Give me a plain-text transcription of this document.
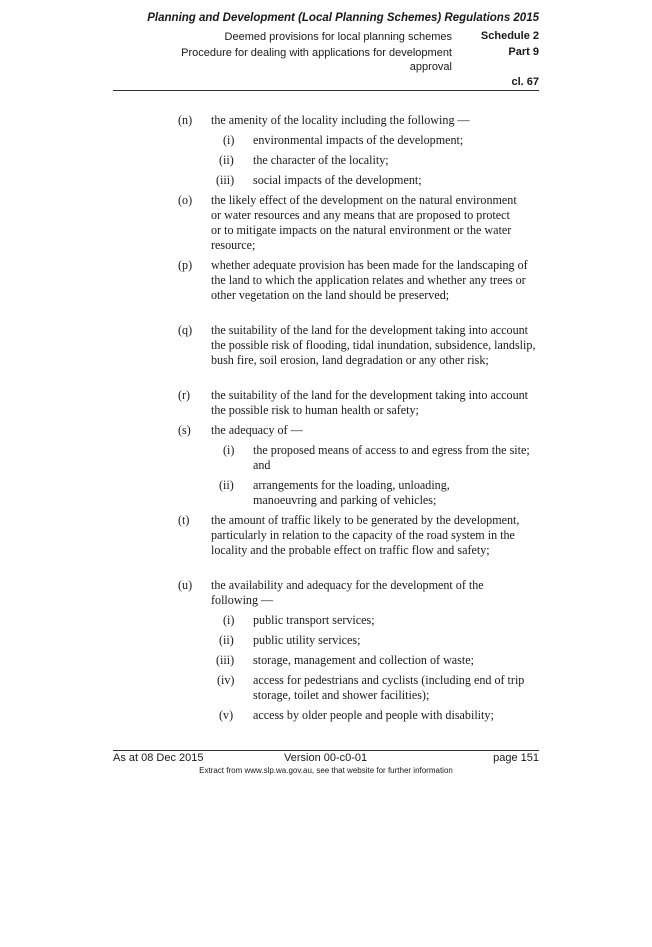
Planning and Development (Local Planning Schemes) Regulations 2015
Deemed provisions for local planning schemes	Schedule 2
Procedure for dealing with applications for development approval
Part 9
cl. 67
(n) the amenity of the locality including the following —
(i) environmental impacts of the development;
(ii) the character of the locality;
(iii) social impacts of the development;
(o) the likely effect of the development on the natural environment or water resources and any means that are proposed to protect or to mitigate impacts on the natural environment or the water resource;
(p) whether adequate provision has been made for the landscaping of the land to which the application relates and whether any trees or other vegetation on the land should be preserved;
(q) the suitability of the land for the development taking into account the possible risk of flooding, tidal inundation, subsidence, landslip, bush fire, soil erosion, land degradation or any other risk;
(r) the suitability of the land for the development taking into account the possible risk to human health or safety;
(s) the adequacy of —
(i) the proposed means of access to and egress from the site; and
(ii) arrangements for the loading, unloading, manoeuvring and parking of vehicles;
(t) the amount of traffic likely to be generated by the development, particularly in relation to the capacity of the road system in the locality and the probable effect on traffic flow and safety;
(u) the availability and adequacy for the development of the following —
(i) public transport services;
(ii) public utility services;
(iii) storage, management and collection of waste;
(iv) access for pedestrians and cyclists (including end of trip storage, toilet and shower facilities);
(v) access by older people and people with disability;
As at 08 Dec 2015	Version 00-c0-01	page 151
Extract from www.slp.wa.gov.au, see that website for further information
